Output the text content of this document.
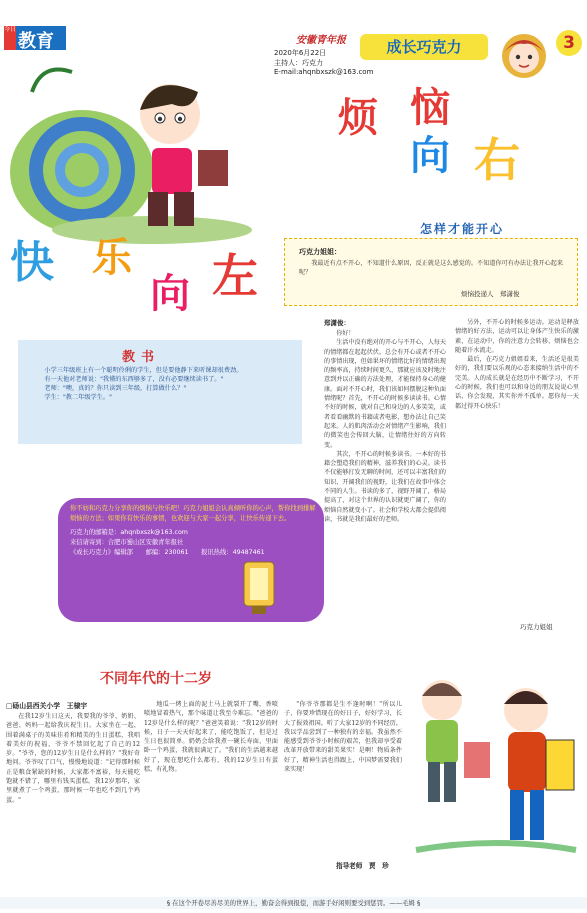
今日
教育	安徽青年报
2020年6月22日
主持人：巧克力
E-mail:ahqnbxszk@163.com
成长巧克力	3
烦 恼
向 右
快 乐
向 左
怎样才能开心
巧克力姐姐：

我最近有点不开心，不知道什么原因，反正就是这么感觉的。不知道你可有办法让我开心起来呢？

烦恼投递人　郑潇俊
郑潇俊：

你好！

生活中没有绝对的开心与不开心，人每天的情绪都在起起伏伏。总会有开心或者不开心的事情出现，但如果坏的情绪比好的情绪出现的频率高，持续时间更久，那就应该及时地注意到并以正确的方法处理，才能保持身心的健康。面对不开心时，我们该如何摆脱这种负面情绪呢？首先，不开心的时候多读读书。心情不好的时候，就对自己和身边的人多笑笑，或者看看幽默的书籍或者电影，想办法让自己笑起来。人的肌肉活动会对情绪产生影响，我们的微笑也会传回大脑，让情绪往好的方向转变。

其次，不开心的时候多读书。一本好的书籍会塑造我们的精神，滋养我们的心灵。读书不仅能够打发无聊的时间，还可以丰富我们的知识，开阔我们的视野，让我们在故事中体会不同的人生。书读的多了，视野开阔了，格局提高了，对这个世界的认识就更广阔了，你的烦恼自然就变小了。社会和学校大都会提倡阅读，书就是我们最好的老师。

另外，不开心的时候多运动。运动是释放情绪的好方法，运动可以让身体产生快乐的激素，在运动中，你的注意力会转移，烦恼也会随着汗水流走。

最后，在巧克力姐姐看来，生活还是很美好的，我们要以乐观的心态来接纳生活中的不完美。人的成长就是在经历中不断学习，不开心的时候，我们也可以和身边的朋友说说心里话，你会发现，其实你并不孤单。愿你每一天都过得开心快乐！

巧克力姐姐
教书
小学三年级班上有一个聪明伶俐的学生，但是要他静下来听课却很费劲。
有一天他对老师说："我懂的东西够多了，没有必要继续读书了。"
老师："噢，真的？你只读到三年级，打算做什么？"
学生："教二年级学生。"
你不妨和巧克力分享你的烦恼与快乐吧！巧克力姐姐会认真倾听你的心声，帮你找到排解烦恼的方法；如果你有快乐的事情，也欢迎与大家一起分享，让快乐传递下去。
巧克力的邮箱是：ahqnbxszk@163.com
来信请寄到：合肥市蜀山区安徽青年报社
《成长巧克力》编辑部　　邮编：230061　　报讯热线：49487461
不同年代的十二岁
□砀山县西关小学　王棣宇

在我12岁生日这天，我要我的爷爷、奶奶、爸爸、妈妈一起给我庆祝生日。大家坐在一起，围着满桌子的美味佳肴和精美的生日蛋糕，我唱着美好的祝福，爷爷不禁回忆起了自己的12岁。"爷爷，您的12岁生日是什么样的？"我好奇地问。爷爷叹了口气，慢慢地说道："记得那时候正是粮食紧缺的时候，大家都不富裕，每天能吃饱就不错了，哪里有钱买蛋糕。我12岁那年，家里就煮了一个鸡蛋，那时候一年也吃不到几个鸡蛋。"

地瓜一烤上面的泥土马上就裂开了嘴，香喷喷地冒着热气，那个味道让我至今难忘。"爸爸的12岁是什么样的呢？"爸爸笑着说："我12岁的时候，日子一天天好起来了，能吃饱饭了，但是过生日也很简单。奶奶会给我煮一碗长寿面，里面卧一个鸡蛋，我就很满足了。"我们的生活越来越好了，现在想吃什么都有，我的12岁生日有蛋糕、有礼物。

"你爷爷那都是生不逢时啊！"所以儿子，你要珍惜现在的好日子，好好学习，长大了报效祖国。听了大家12岁的不同经历，我以学品尝到了一种独有的幸福。我虽然不能感受到爷爷小时候的艰苦，但我却享受着改革开放带来的甜美果实！是啊！物质条件好了，精神生活也得跟上，中国梦需要我们来实现！

指导老师　贾　珍
§ 在这个开卷尽善尽美的世界上，勤奋会得到报偿，而游手好闲则要受到惩罚。——毛姆 §
